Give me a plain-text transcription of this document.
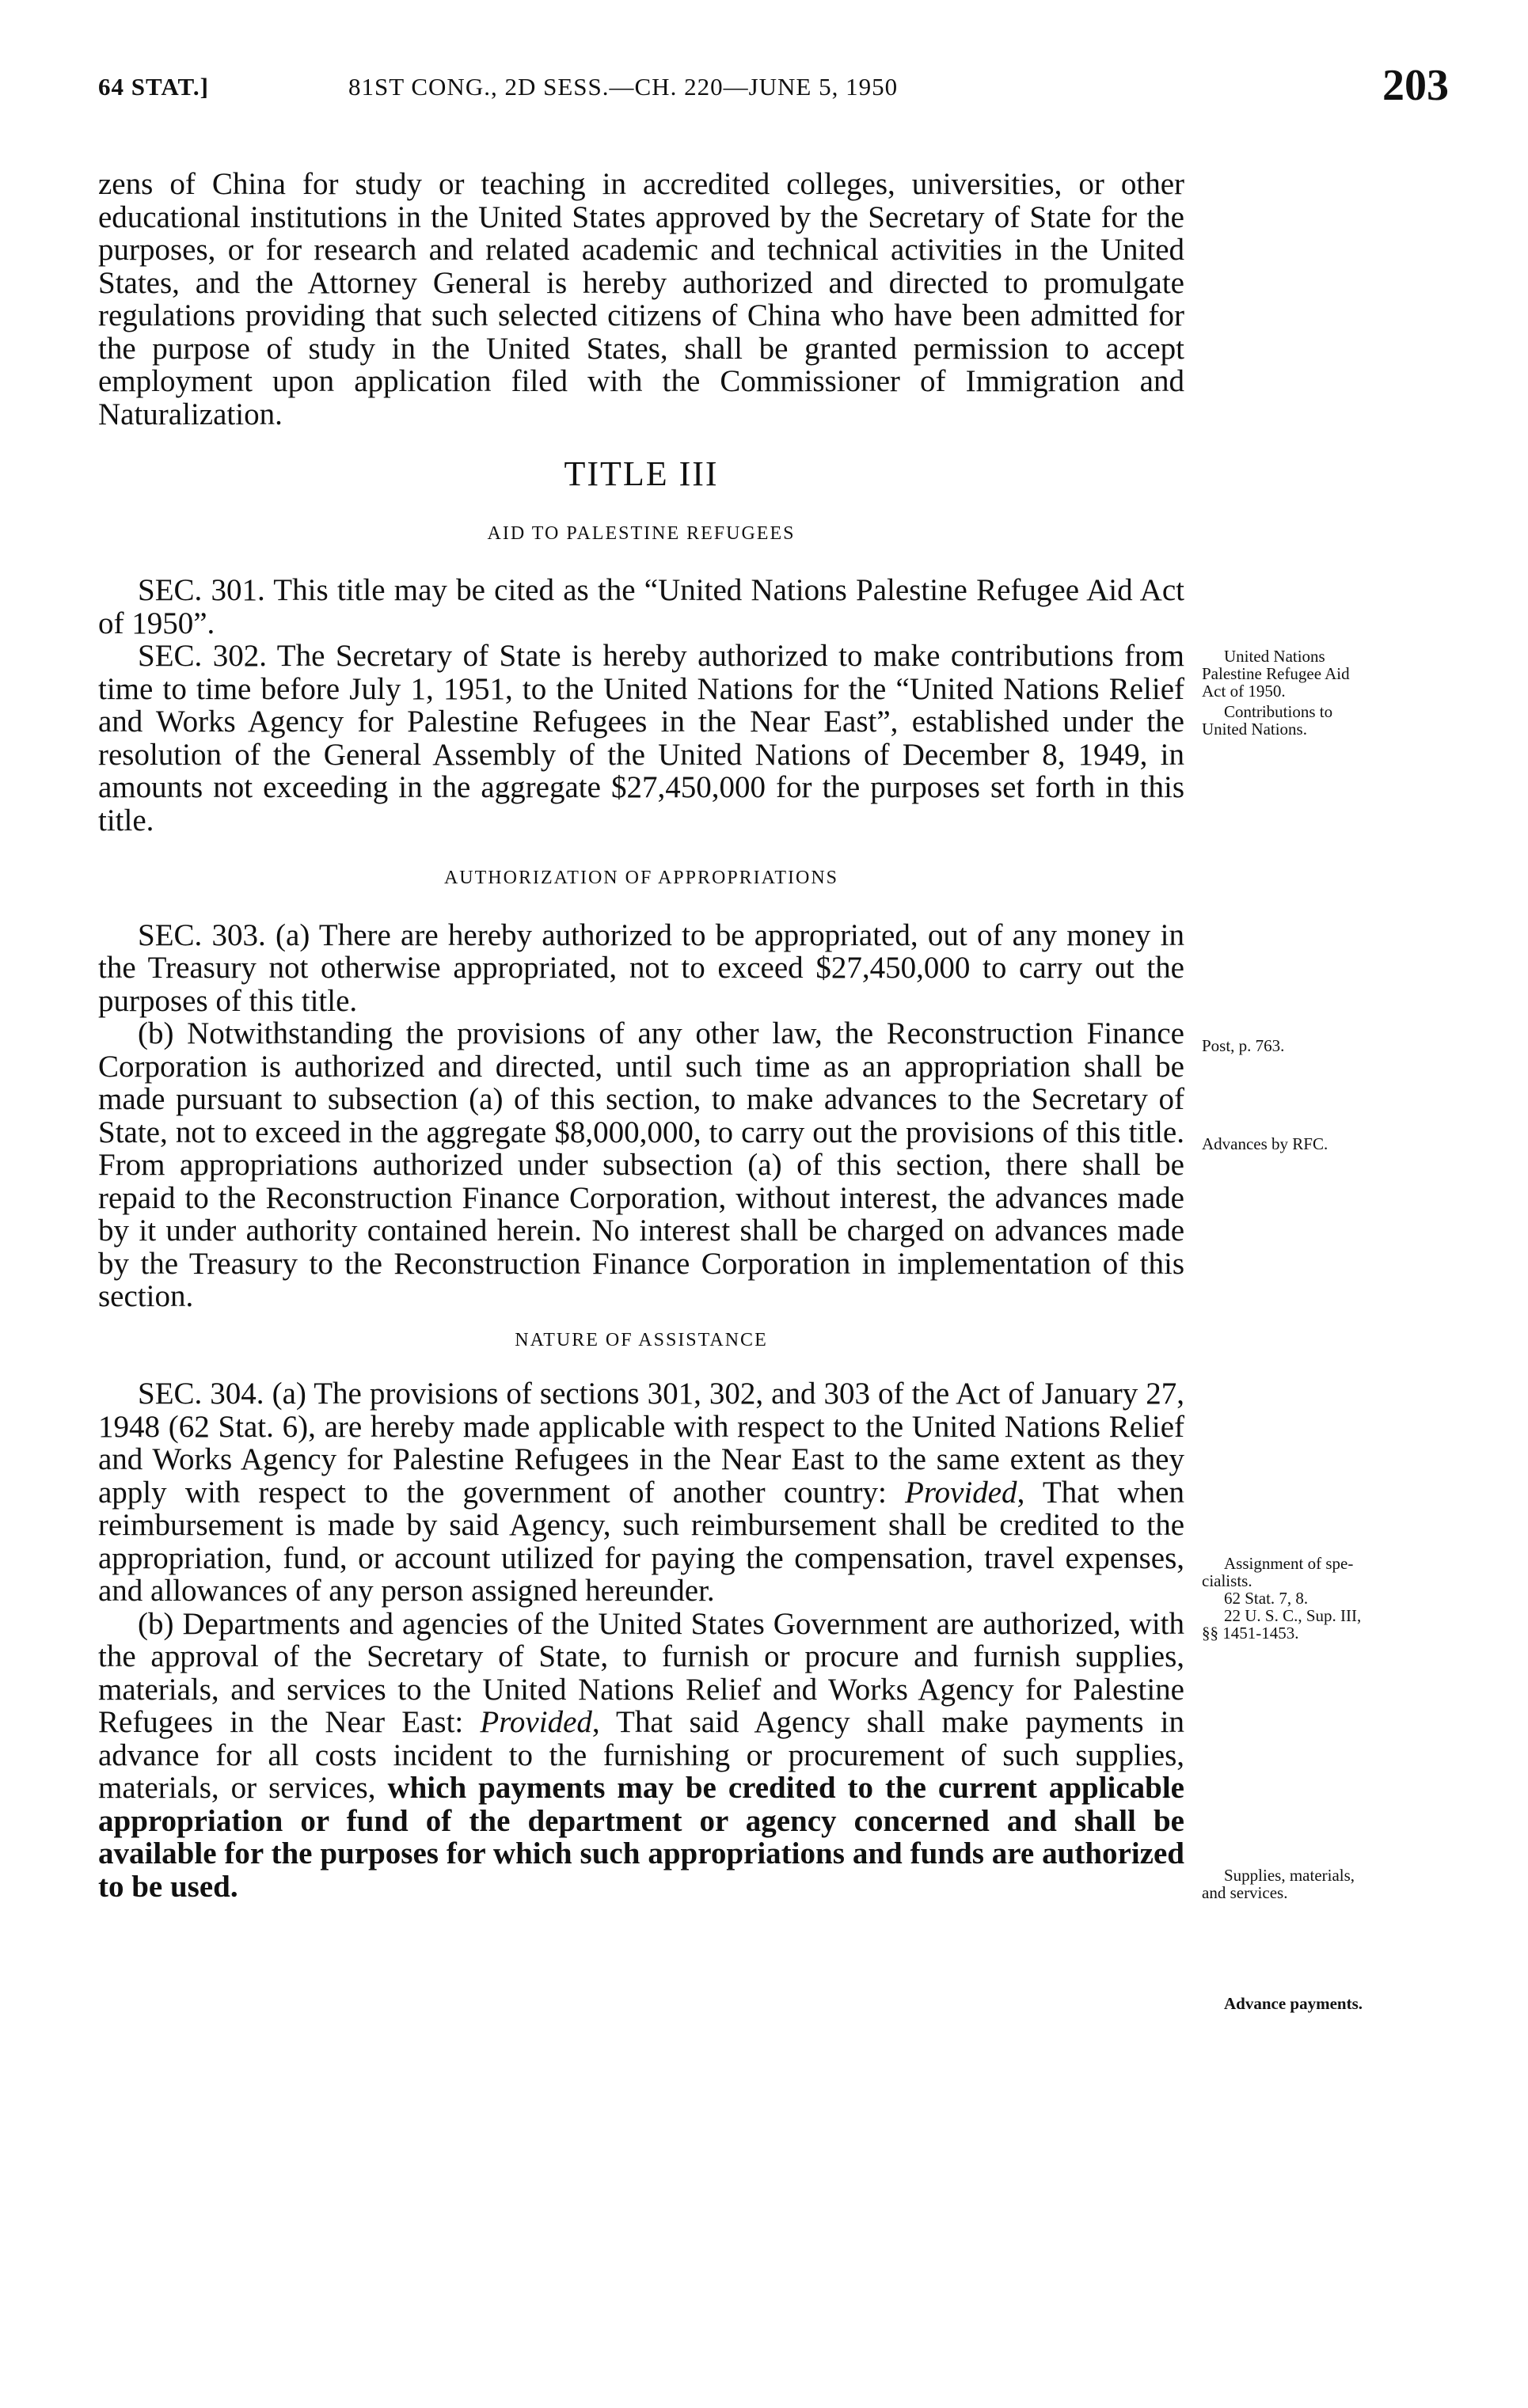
64 STAT.]	81ST CONG., 2D SESS.—CH. 220—JUNE 5, 1950	203

zens of China for study or teaching in accredited colleges, universities, or other educational institutions in the United States approved by the Secretary of State for the purposes, or for research and related academic and technical activities in the United States, and the Attorney General is hereby authorized and directed to promulgate regulations providing that such selected citizens of China who have been admitted for the purpose of study in the United States, shall be granted permission to accept employment upon application filed with the Commissioner of Immigration and Naturalization.

TITLE III
AID TO PALESTINE REFUGEES

SEC. 301. This title may be cited as the “United Nations Palestine Refugee Aid Act of 1950”.

SEC. 302. The Secretary of State is hereby authorized to make contributions from time to time before July 1, 1951, to the United Nations for the “United Nations Relief and Works Agency for Palestine Refugees in the Near East”, established under the resolution of the General Assembly of the United Nations of December 8, 1949, in amounts not exceeding in the aggregate $27,450,000 for the purposes set forth in this title.

AUTHORIZATION OF APPROPRIATIONS

SEC. 303. (a) There are hereby authorized to be appropriated, out of any money in the Treasury not otherwise appropriated, not to exceed $27,450,000 to carry out the purposes of this title.

(b) Notwithstanding the provisions of any other law, the Reconstruction Finance Corporation is authorized and directed, until such time as an appropriation shall be made pursuant to subsection (a) of this section, to make advances to the Secretary of State, not to exceed in the aggregate $8,000,000, to carry out the provisions of this title. From appropriations authorized under subsection (a) of this section, there shall be repaid to the Reconstruction Finance Corporation, without interest, the advances made by it under authority contained herein. No interest shall be charged on advances made by the Treasury to the Reconstruction Finance Corporation in implementation of this section.

NATURE OF ASSISTANCE

SEC. 304. (a) The provisions of sections 301, 302, and 303 of the Act of January 27, 1948 (62 Stat. 6), are hereby made applicable with respect to the United Nations Relief and Works Agency for Palestine Refugees in the Near East to the same extent as they apply with respect to the government of another country: Provided, That when reimbursement is made by said Agency, such reimbursement shall be credited to the appropriation, fund, or account utilized for paying the compensation, travel expenses, and allowances of any person assigned hereunder.

(b) Departments and agencies of the United States Government are authorized, with the approval of the Secretary of State, to furnish or procure and furnish supplies, materials, and services to the United Nations Relief and Works Agency for Palestine Refugees in the Near East: Provided, That said Agency shall make payments in advance for all costs incident to the furnishing or procurement of such supplies, materials, or services, which payments may be credited to the current applicable appropriation or fund of the department or agency concerned and shall be available for the purposes for which such appropriations and funds are authorized to be used.

United Nations
Palestine Refugee Aid
Act of 1950.
Contributions to
United Nations.
Post, p. 763.
Advances by RFC.
Assignment of spe-
cialists.
62 Stat. 7, 8.
22 U. S. C., Sup. III,
§§ 1451-1453.
Supplies, materials,
and services.
Advance payments.
